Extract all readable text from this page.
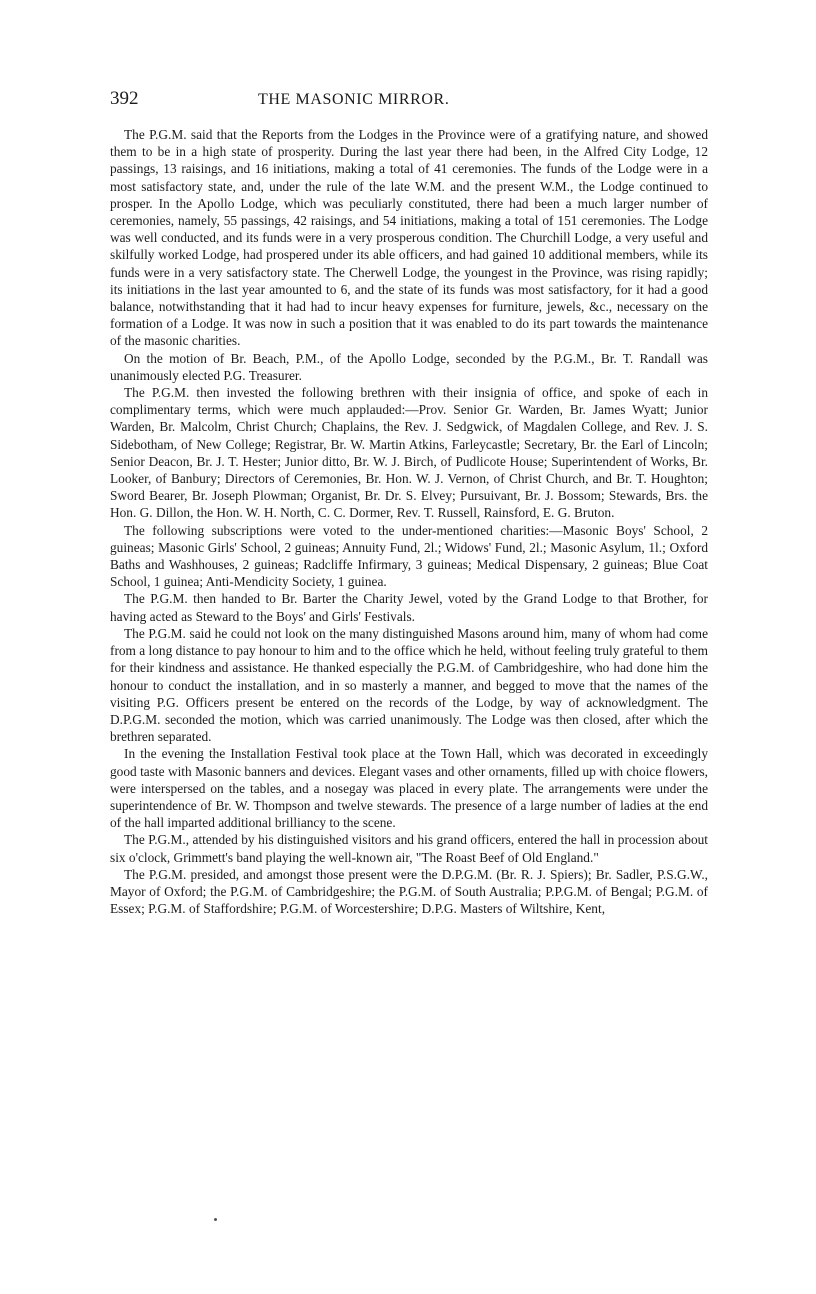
392	THE MASONIC MIRROR.

The P.G.M. said that the Reports from the Lodges in the Province were of a gratifying nature, and showed them to be in a high state of prosperity. During the last year there had been, in the Alfred City Lodge, 12 passings, 13 raisings, and 16 initiations, making a total of 41 ceremonies. The funds of the Lodge were in a most satisfactory state, and, under the rule of the late W.M. and the present W.M., the Lodge continued to prosper. In the Apollo Lodge, which was peculiarly constituted, there had been a much larger number of ceremonies, namely, 55 passings, 42 raisings, and 54 initiations, making a total of 151 ceremonies. The Lodge was well conducted, and its funds were in a very prosperous condition. The Churchill Lodge, a very useful and skilfully worked Lodge, had prospered under its able officers, and had gained 10 additional members, while its funds were in a very satisfactory state. The Cherwell Lodge, the youngest in the Province, was rising rapidly; its initiations in the last year amounted to 6, and the state of its funds was most satisfactory, for it had a good balance, notwithstanding that it had had to incur heavy expenses for furniture, jewels, &c., necessary on the formation of a Lodge. It was now in such a position that it was enabled to do its part towards the maintenance of the masonic charities.

On the motion of Br. Beach, P.M., of the Apollo Lodge, seconded by the P.G.M., Br. T. Randall was unanimously elected P.G. Treasurer.

The P.G.M. then invested the following brethren with their insignia of office, and spoke of each in complimentary terms, which were much applauded:—Prov. Senior Gr. Warden, Br. James Wyatt; Junior Warden, Br. Malcolm, Christ Church; Chaplains, the Rev. J. Sedgwick, of Magdalen College, and Rev. J. S. Sidebotham, of New College; Registrar, Br. W. Martin Atkins, Farleycastle; Secretary, Br. the Earl of Lincoln; Senior Deacon, Br. J. T. Hester; Junior ditto, Br. W. J. Birch, of Pudlicote House; Superintendent of Works, Br. Looker, of Banbury; Directors of Ceremonies, Br. Hon. W. J. Vernon, of Christ Church, and Br. T. Houghton; Sword Bearer, Br. Joseph Plowman; Organist, Br. Dr. S. Elvey; Pursuivant, Br. J. Bossom; Stewards, Brs. the Hon. G. Dillon, the Hon. W. H. North, C. C. Dormer, Rev. T. Russell, Rainsford, E. G. Bruton.

The following subscriptions were voted to the under-mentioned charities:—Masonic Boys' School, 2 guineas; Masonic Girls' School, 2 guineas; Annuity Fund, 2l.; Widows' Fund, 2l.; Masonic Asylum, 1l.; Oxford Baths and Washhouses, 2 guineas; Radcliffe Infirmary, 3 guineas; Medical Dispensary, 2 guineas; Blue Coat School, 1 guinea; Anti-Mendicity Society, 1 guinea.

The P.G.M. then handed to Br. Barter the Charity Jewel, voted by the Grand Lodge to that Brother, for having acted as Steward to the Boys' and Girls' Festivals.

The P.G.M. said he could not look on the many distinguished Masons around him, many of whom had come from a long distance to pay honour to him and to the office which he held, without feeling truly grateful to them for their kindness and assistance. He thanked especially the P.G.M. of Cambridgeshire, who had done him the honour to conduct the installation, and in so masterly a manner, and begged to move that the names of the visiting P.G. Officers present be entered on the records of the Lodge, by way of acknowledgment. The D.P.G.M. seconded the motion, which was carried unanimously. The Lodge was then closed, after which the brethren separated.

In the evening the Installation Festival took place at the Town Hall, which was decorated in exceedingly good taste with Masonic banners and devices. Elegant vases and other ornaments, filled up with choice flowers, were interspersed on the tables, and a nosegay was placed in every plate. The arrangements were under the superintendence of Br. W. Thompson and twelve stewards. The presence of a large number of ladies at the end of the hall imparted additional brilliancy to the scene.

The P.G.M., attended by his distinguished visitors and his grand officers, entered the hall in procession about six o'clock, Grimmett's band playing the well-known air, "The Roast Beef of Old England."

The P.G.M. presided, and amongst those present were the D.P.G.M. (Br. R. J. Spiers); Br. Sadler, P.S.G.W., Mayor of Oxford; the P.G.M. of Cambridgeshire; the P.G.M. of South Australia; P.P.G.M. of Bengal; P.G.M. of Essex; P.G.M. of Staffordshire; P.G.M. of Worcestershire; D.P.G. Masters of Wiltshire, Kent,
